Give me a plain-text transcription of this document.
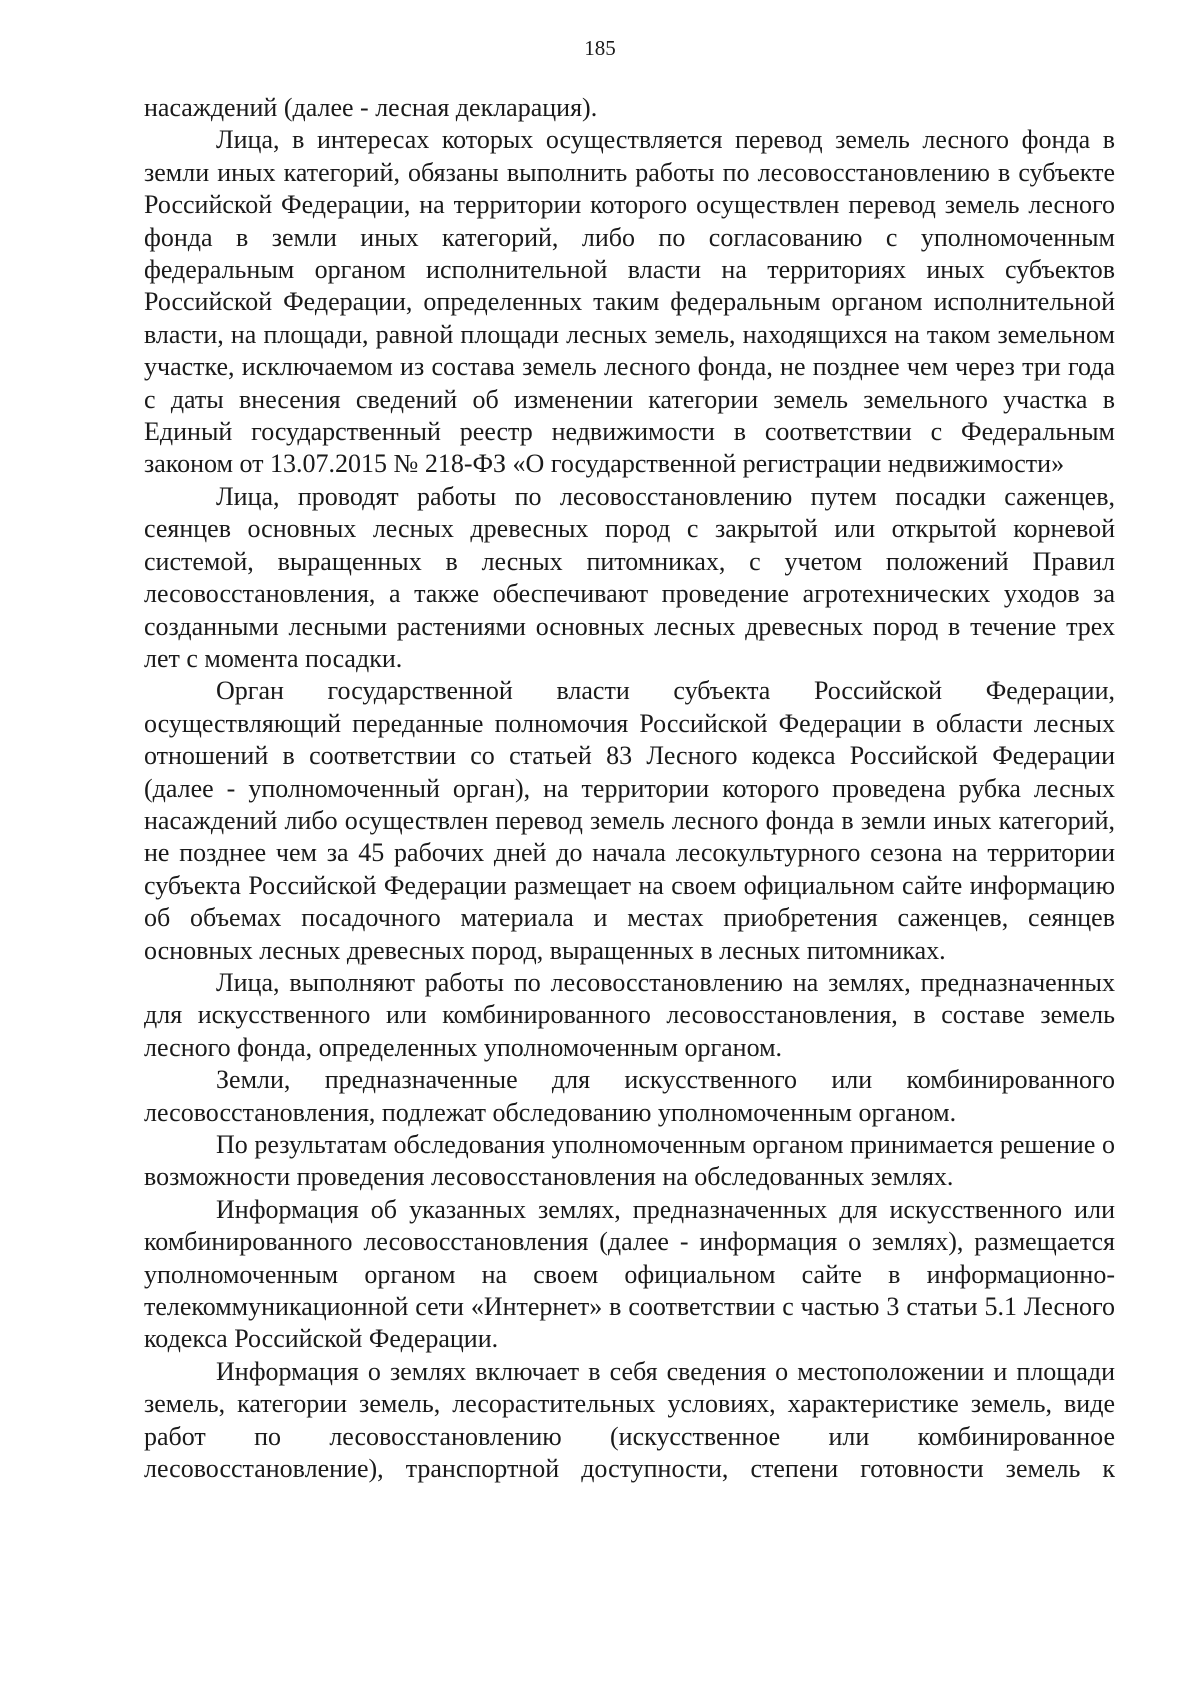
185

насаждений (далее - лесная декларация).

Лица, в интересах которых осуществляется перевод земель лесного фонда в земли иных категорий, обязаны выполнить работы по лесовосстановлению в субъекте Российской Федерации, на территории которого осуществлен перевод земель лесного фонда в земли иных категорий, либо по согласованию с уполномоченным федеральным органом исполнительной власти на территориях иных субъектов Российской Федерации, определенных таким федеральным органом исполнительной власти, на площади, равной площади лесных земель, находящихся на таком земельном участке, исключаемом из состава земель лесного фонда, не позднее чем через три года с даты внесения сведений об изменении категории земель земельного участка в Единый государственный реестр недвижимости в соответствии с Федеральным законом от 13.07.2015 № 218-ФЗ «О государственной регистрации недвижимости»

Лица, проводят работы по лесовосстановлению путем посадки саженцев, сеянцев основных лесных древесных пород с закрытой или открытой корневой системой, выращенных в лесных питомниках, с учетом положений Правил лесовосстановления, а также обеспечивают проведение агротехнических уходов за созданными лесными растениями основных лесных древесных пород в течение трех лет с момента посадки.

Орган государственной власти субъекта Российской Федерации, осуществляющий переданные полномочия Российской Федерации в области лесных отношений в соответствии со статьей 83 Лесного кодекса Российской Федерации (далее - уполномоченный орган), на территории которого проведена рубка лесных насаждений либо осуществлен перевод земель лесного фонда в земли иных категорий, не позднее чем за 45 рабочих дней до начала лесокультурного сезона на территории субъекта Российской Федерации размещает на своем официальном сайте информацию об объемах посадочного материала и местах приобретения саженцев, сеянцев основных лесных древесных пород, выращенных в лесных питомниках.

Лица, выполняют работы по лесовосстановлению на землях, предназначенных для искусственного или комбинированного лесовосстановления, в составе земель лесного фонда, определенных уполномоченным органом.

Земли, предназначенные для искусственного или комбинированного лесовосстановления, подлежат обследованию уполномоченным органом.

По результатам обследования уполномоченным органом принимается решение о возможности проведения лесовосстановления на обследованных землях.

Информация об указанных землях, предназначенных для искусственного или комбинированного лесовосстановления (далее - информация о землях), размещается уполномоченным органом на своем официальном сайте в информационно-телекоммуникационной сети «Интернет» в соответствии с частью 3 статьи 5.1 Лесного кодекса Российской Федерации.

Информация о землях включает в себя сведения о местоположении и площади земель, категории земель, лесорастительных условиях, характеристике земель, виде работ по лесовосстановлению (искусственное или комбинированное лесовосстановление), транспортной доступности, степени готовности земель к
